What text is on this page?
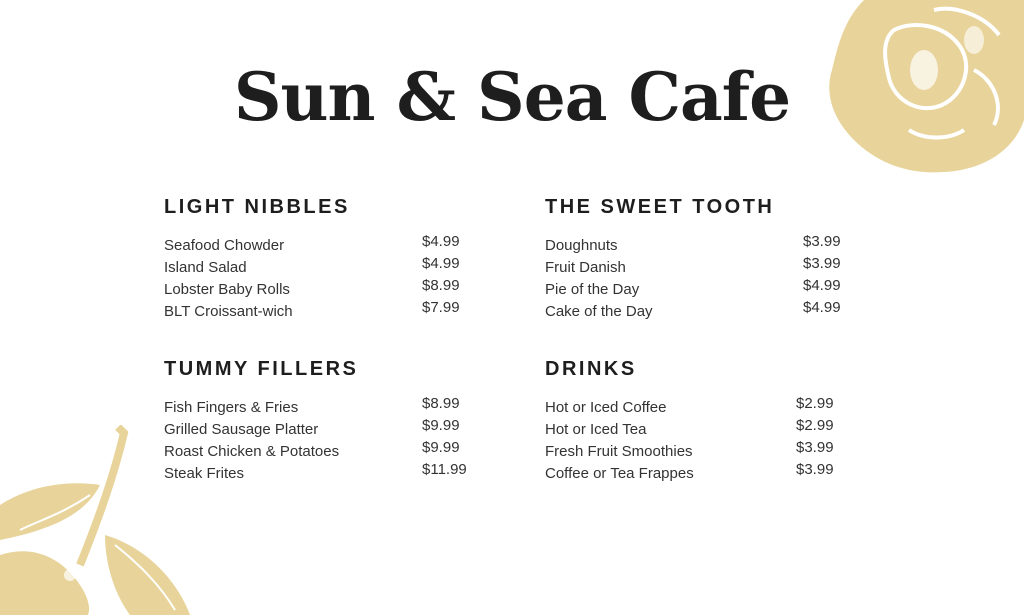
Sun & Sea Cafe
LIGHT NIBBLES
Seafood Chowder	$4.99
Island Salad	$4.99
Lobster Baby Rolls	$8.99
BLT Croissant-wich	$7.99
THE SWEET TOOTH
Doughnuts	$3.99
Fruit Danish	$3.99
Pie of the Day	$4.99
Cake of the Day	$4.99
TUMMY FILLERS
Fish Fingers & Fries	$8.99
Grilled Sausage Platter	$9.99
Roast Chicken & Potatoes	$9.99
Steak Frites	$11.99
DRINKS
Hot or Iced Coffee	$2.99
Hot or Iced Tea	$2.99
Fresh Fruit Smoothies	$3.99
Coffee or Tea Frappes	$3.99
